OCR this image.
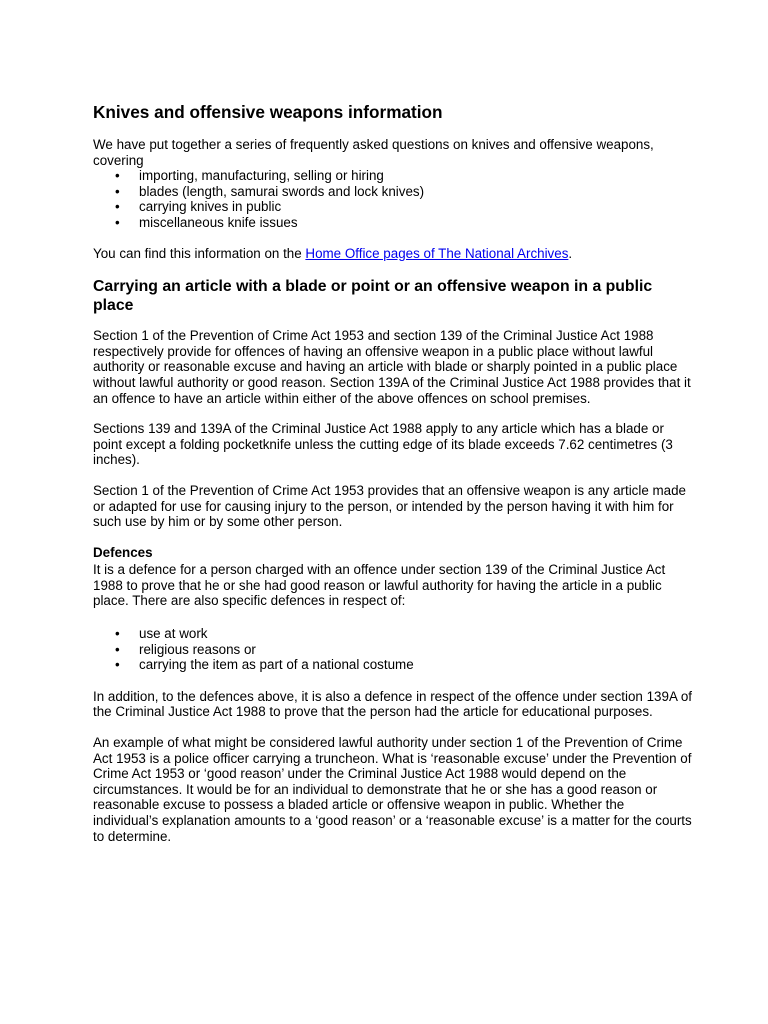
Knives and offensive weapons information

We have put together a series of frequently asked questions on knives and offensive weapons, covering

• importing, manufacturing, selling or hiring
• blades (length, samurai swords and lock knives)
• carrying knives in public
• miscellaneous knife issues

You can find this information on the Home Office pages of The National Archives.

Carrying an article with a blade or point or an offensive weapon in a public place

Section 1 of the Prevention of Crime Act 1953 and section 139 of the Criminal Justice Act 1988 respectively provide for offences of having an offensive weapon in a public place without lawful authority or reasonable excuse and having an article with blade or sharply pointed in a public place without lawful authority or good reason. Section 139A of the Criminal Justice Act 1988 provides that it an offence to have an article within either of the above offences on school premises.

Sections 139 and 139A of the Criminal Justice Act 1988 apply to any article which has a blade or point except a folding pocketknife unless the cutting edge of its blade exceeds 7.62 centimetres (3 inches).

Section 1 of the Prevention of Crime Act 1953 provides that an offensive weapon is any article made or adapted for use for causing injury to the person, or intended by the person having it with him for such use by him or by some other person.

Defences

It is a defence for a person charged with an offence under section 139 of the Criminal Justice Act 1988 to prove that he or she had good reason or lawful authority for having the article in a public place. There are also specific defences in respect of:

• use at work
• religious reasons or
• carrying the item as part of a national costume

In addition, to the defences above, it is also a defence in respect of the offence under section 139A of the Criminal Justice Act 1988 to prove that the person had the article for educational purposes.

An example of what might be considered lawful authority under section 1 of the Prevention of Crime Act 1953 is a police officer carrying a truncheon. What is ‘reasonable excuse’ under the Prevention of Crime Act 1953 or ‘good reason’ under the Criminal Justice Act 1988 would depend on the circumstances. It would be for an individual to demonstrate that he or she has a good reason or reasonable excuse to possess a bladed article or offensive weapon in public. Whether the individual’s explanation amounts to a ‘good reason’ or a ‘reasonable excuse’ is a matter for the courts to determine.
